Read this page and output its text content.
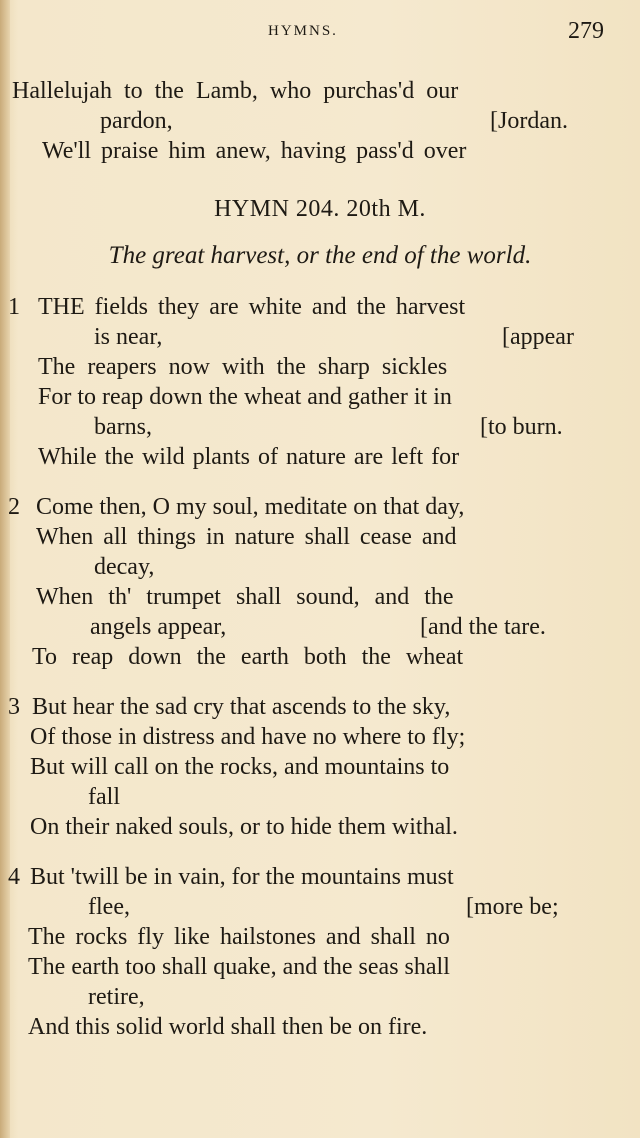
HYMNS.	279
Hallelujah to the Lamb, who purchas'd our
pardon,	[Jordan.
We'll praise him anew, having pass'd over
HYMN 204. 20th M.
The great harvest, or the end of the world.
1 THE fields they are white and the harvest
is near,	[appear
The reapers now with the sharp sickles
For to reap down the wheat and gather it in
barns,	[to burn.
While the wild plants of nature are left for
2 Come then, O my soul, meditate on that day,
When all things in nature shall cease and
decay,
When th' trumpet shall sound, and the
angels appear,	[and the tare.
To reap down the earth both the wheat
3 But hear the sad cry that ascends to the sky,
Of those in distress and have no where to fly;
But will call on the rocks, and mountains to
fall
On their naked souls, or to hide them withal.
4 But 'twill be in vain, for the mountains must
flee,	[more be;
The rocks fly like hailstones and shall no
The earth too shall quake, and the seas shall
retire,
And this solid world shall then be on fire.
